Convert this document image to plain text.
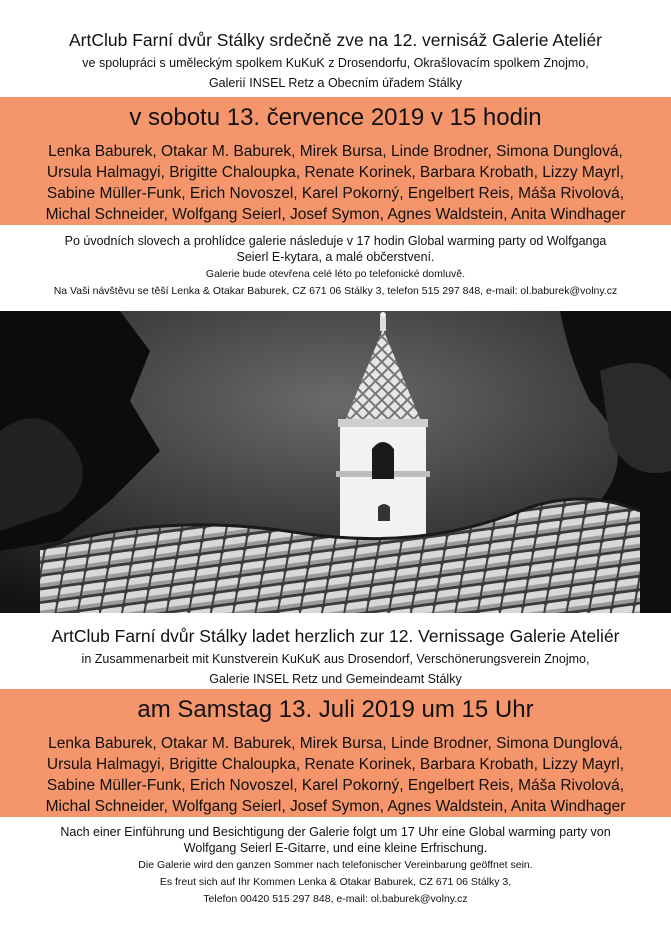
ArtClub Farní dvůr Stálky srdečně zve na 12. vernisáž Galerie Ateliér
ve spolupráci s uměleckým spolkem KuKuK z Drosendorfu, Okrašlovacím spolkem Znojmo,
Galerií INSEL Retz a Obecním úřadem Stálky
v sobotu 13. července 2019 v 15 hodin
Lenka Baburek, Otakar M. Baburek, Mirek Bursa, Linde Brodner, Simona Dunglová,
Ursula Halmagyi, Brigitte Chaloupka, Renate Korinek, Barbara Krobath, Lizzy Mayrl,
Sabine Müller-Funk, Erich Novoszel, Karel Pokorný, Engelbert Reis, Máša Rivolová,
Michal Schneider, Wolfgang Seierl, Josef Symon, Agnes Waldstein, Anita Windhager
Po úvodních slovech a prohlídce galerie následuje v 17 hodin Global warming party od Wolfganga
Seierl E-kytara, a malé občerstvení.
Galerie bude otevřena celé léto po telefonické domluvě.
Na Vaši návštěvu se těší Lenka & Otakar Baburek, CZ 671 06 Stálky 3, telefon 515 297 848, e-mail: ol.baburek@volny.cz
ArtClub Farní dvůr Stálky ladet herzlich zur 12. Vernissage Galerie Ateliér
in Zusammenarbeit mit Kunstverein KuKuK aus Drosendorf, Verschönerungsverein Znojmo,
Galerie INSEL Retz und Gemeindeamt Stálky
am Samstag 13. Juli 2019 um 15 Uhr
Lenka Baburek, Otakar M. Baburek, Mirek Bursa, Linde Brodner, Simona Dunglová,
Ursula Halmagyi, Brigitte Chaloupka, Renate Korinek, Barbara Krobath, Lizzy Mayrl,
Sabine Müller-Funk, Erich Novoszel, Karel Pokorný, Engelbert Reis, Máša Rivolová,
Michal Schneider, Wolfgang Seierl, Josef Symon, Agnes Waldstein, Anita Windhager
Nach einer Einführung und Besichtigung der Galerie folgt um 17 Uhr eine Global warming party von
Wolfgang Seierl E-Gitarre, und eine kleine Erfrischung.
Die Galerie wird den ganzen Sommer nach telefonischer Vereinbarung geöffnet sein.
Es freut sich auf Ihr Kommen Lenka & Otakar Baburek, CZ 671 06 Stálky 3,
Telefon 00420 515 297 848, e-mail: ol.baburek@volny.cz
